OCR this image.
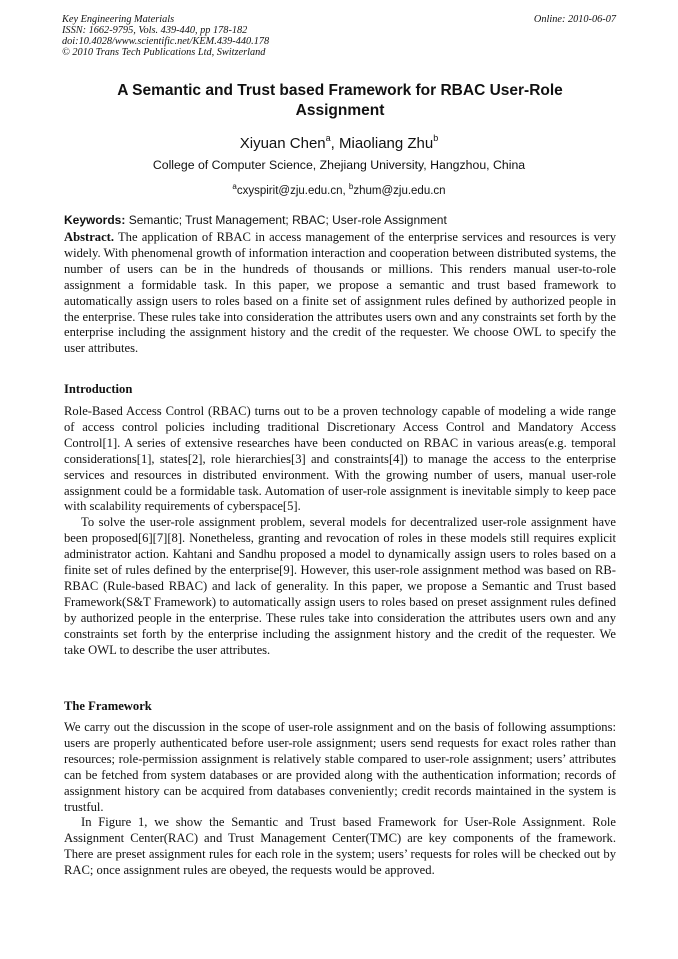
Key Engineering Materials
ISSN: 1662-9795, Vols. 439-440, pp 178-182
doi:10.4028/www.scientific.net/KEM.439-440.178
© 2010 Trans Tech Publications Ltd, Switzerland
Online: 2010-06-07
A Semantic and Trust based Framework for RBAC User-Role Assignment
Xiyuan Chen$^a$, Miaoliang Zhu$^b$
College of Computer Science, Zhejiang University, Hangzhou, China
$^a$cxyspirit@zju.edu.cn, $^b$zhum@zju.edu.cn
Keywords: Semantic; Trust Management; RBAC; User-role Assignment

Abstract. The application of RBAC in access management of the enterprise services and resources is very widely. With phenomenal growth of information interaction and cooperation between distributed systems, the number of users can be in the hundreds of thousands or millions. This renders manual user-to-role assignment a formidable task. In this paper, we propose a semantic and trust based framework to automatically assign users to roles based on a finite set of assignment rules defined by authorized people in the enterprise. These rules take into consideration the attributes users own and any constraints set forth by the enterprise including the assignment history and the credit of the requester. We choose OWL to specify the user attributes.

Introduction

Role-Based Access Control (RBAC) turns out to be a proven technology capable of modeling a wide range of access control policies including traditional Discretionary Access Control and Mandatory Access Control[1]. A series of extensive researches have been conducted on RBAC in various areas(e.g. temporal considerations[1], states[2], role hierarchies[3] and constraints[4]) to manage the access to the enterprise services and resources in distributed environment. With the growing number of users, manual user-role assignment could be a formidable task. Automation of user-role assignment is inevitable simply to keep pace with scalability requirements of cyberspace[5].

To solve the user-role assignment problem, several models for decentralized user-role assignment have been proposed[6][7][8]. Nonetheless, granting and revocation of roles in these models still requires explicit administrator action. Kahtani and Sandhu proposed a model to dynamically assign users to roles based on a finite set of rules defined by the enterprise[9]. However, this user-role assignment method was based on RB-RBAC (Rule-based RBAC) and lack of generality. In this paper, we propose a Semantic and Trust based Framework(S&T Framework) to automatically assign users to roles based on preset assignment rules defined by authorized people in the enterprise. These rules take into consideration the attributes users own and any constraints set forth by the enterprise including the assignment history and the credit of the requester. We take OWL to describe the user attributes.

The Framework

We carry out the discussion in the scope of user-role assignment and on the basis of following assumptions: users are properly authenticated before user-role assignment; users send requests for exact roles rather than resources; role-permission assignment is relatively stable compared to user-role assignment; users’ attributes can be fetched from system databases or are provided along with the authentication information; records of assignment history can be acquired from databases conveniently; credit records maintained in the system is trustful.

In Figure 1, we show the Semantic and Trust based Framework for User-Role Assignment. Role Assignment Center(RAC) and Trust Management Center(TMC) are key components of the framework. There are preset assignment rules for each role in the system; users’ requests for roles will be checked out by RAC; once assignment rules are obeyed, the requests would be approved.
